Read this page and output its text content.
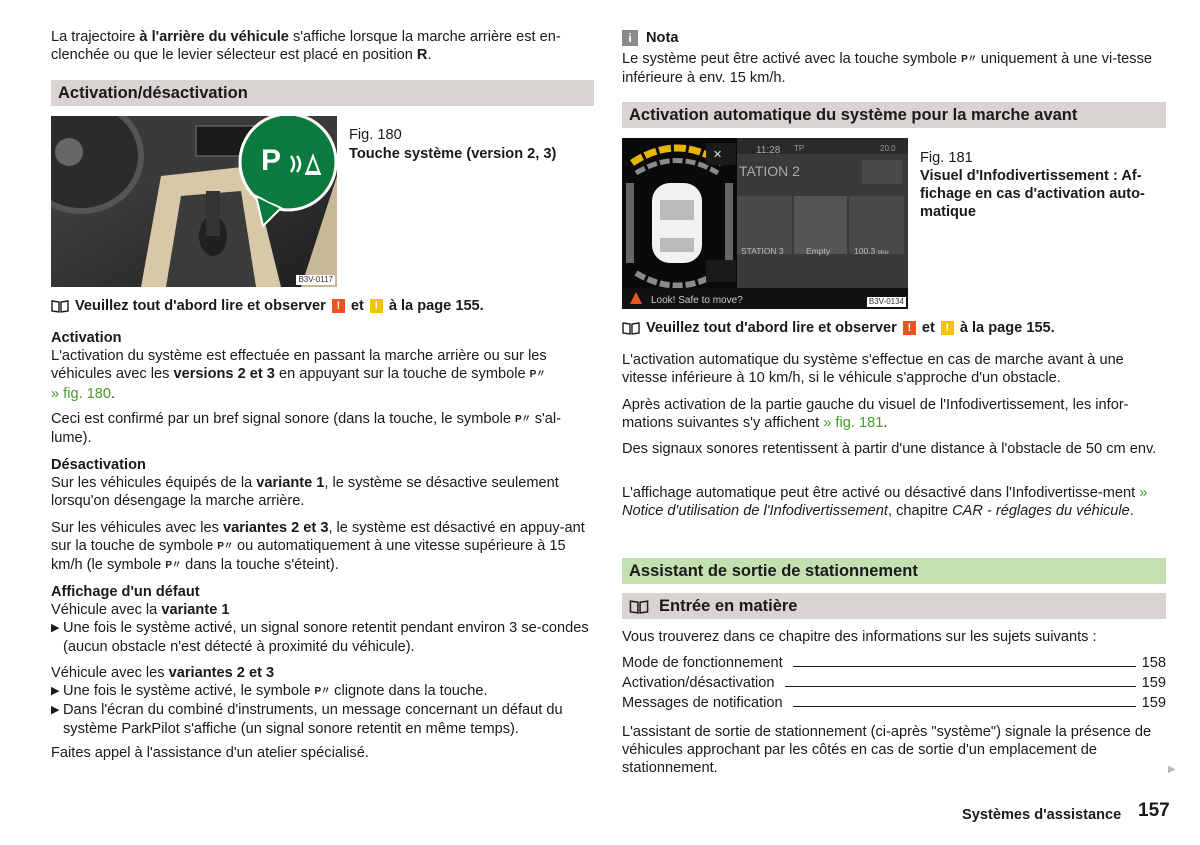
La trajectoire à l'arrière du véhicule s'affiche lorsque la marche arrière est en-clenchée ou que le levier sélecteur est placé en position R.

Activation/désactivation
P
B3V-0117
Fig. 180
Touche système (version 2, 3)
Veuillez tout d'abord lire et observer ! et ! à la page 155.

Activation

L'activation du système est effectuée en passant la marche arrière ou sur les véhicules avec les versions 2 et 3 en appuyant sur la touche de symbole P〃
» fig. 180.

Ceci est confirmé par un bref signal sonore (dans la touche, le symbole P〃 s'al-lume).

Désactivation

Sur les véhicules équipés de la variante 1, le système se désactive seulement lorsqu'on désengage la marche arrière.

Sur les véhicules avec les variantes 2 et 3, le système est désactivé en appuy-ant sur la touche de symbole P〃 ou automatiquement à une vitesse supérieure à 15 km/h (le symbole P〃 dans la touche s'éteint).

Affichage d'un défaut

Véhicule avec la variante 1

▶ Une fois le système activé, un signal sonore retentit pendant environ 3 se-condes (aucun obstacle n'est détecté à proximité du véhicule).

Véhicule avec les variantes 2 et 3

▶ Une fois le système activé, le symbole P〃 clignote dans la touche.
▶ Dans l'écran du combiné d'instruments, un message concernant un défaut du système ParkPilot s'affiche (un signal sonore retentit en même temps).

Faites appel à l'assistance d'un atelier spécialisé.

i Nota

Le système peut être activé avec la touche symbole P〃 uniquement à une vi-tesse inférieure à env. 15 km/h.

Activation automatique du système pour la marche avant
11:28 TP	20.0
TATION 2
✕
STATION 3	Empty	100.3 MHz
Look! Safe to move?	B3V-0134
Fig. 181
Visuel d'Infodivertissement : Af-fichage en cas d'activation auto-matique
Veuillez tout d'abord lire et observer ! et ! à la page 155.

L'activation automatique du système s'effectue en cas de marche avant à une vitesse inférieure à 10 km/h, si le véhicule s'approche d'un obstacle.

Après activation de la partie gauche du visuel de l'Infodivertissement, les infor-mations suivantes s'y affichent » fig. 181.

Des signaux sonores retentissent à partir d'une distance à l'obstacle de 50 cm env.

L'affichage automatique peut être activé ou désactivé dans l'Infodivertisse-ment » Notice d'utilisation de l'Infodivertissement, chapitre CAR - réglages du véhicule.

Assistant de sortie de stationnement
Entrée en matière

Vous trouverez dans ce chapitre des informations sur les sujets suivants :

Mode de fonctionnement	158
Activation/désactivation	159
Messages de notification	159

L'assistant de sortie de stationnement (ci-après "système") signale la présence de véhicules approchant par les côtés en cas de sortie d'un emplacement de stationnement.	▶
Systèmes d'assistance 157
